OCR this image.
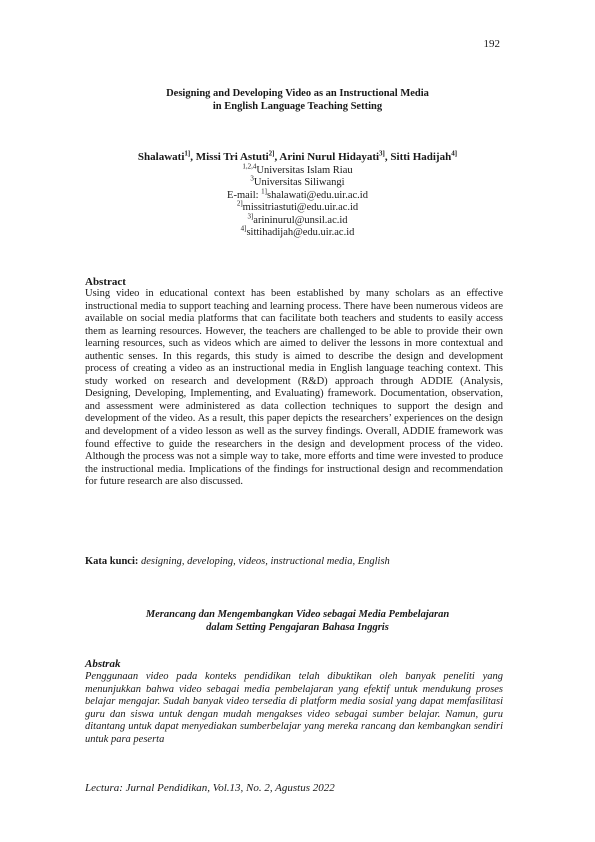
192
Designing and Developing Video as an Instructional Media
in English Language Teaching Setting
Shalawati$^{1]}$, Missi Tri Astuti$^{2]}$, Arini Nurul Hidayati$^{3]}$, Sitti Hadijah$^{4]}$
$^{1,2,4}$Universitas Islam Riau
$^3$Universitas Siliwangi
E-mail: $^{1]}$shalawati@edu.uir.ac.id
$^{2]}$missitriastuti@edu.uir.ac.id
$^{3]}$arininurul@unsil.ac.id
$^{4]}$sittihadijah@edu.uir.ac.id
Abstract
Using video in educational context has been established by many scholars as an effective instructional media to support teaching and learning process. There have been numerous videos are available on social media platforms that can facilitate both teachers and students to easily access them as learning resources. However, the teachers are challenged to be able to provide their own learning resources, such as videos which are aimed to deliver the lessons in more contextual and authentic senses. In this regards, this study is aimed to describe the design and development process of creating a video as an instructional media in English language teaching context. This study worked on research and development (R&D) approach through ADDIE (Analysis, Designing, Developing, Implementing, and Evaluating) framework. Documentation, observation, and assessment were administered as data collection techniques to support the design and development of the video. As a result, this paper depicts the researchers’ experiences on the design and development of a video lesson as well as the survey findings. Overall, ADDIE framework was found effective to guide the researchers in the design and development process of the video. Although the process was not a simple way to take, more efforts and time were invested to produce the instructional media. Implications of the findings for instructional design and recommendation for future research are also discussed.
Kata kunci: designing, developing, videos, instructional media, English
Merancang dan Mengembangkan Video sebagai Media Pembelajaran
dalam Setting Pengajaran Bahasa Inggris
Abstrak
Penggunaan video pada konteks pendidikan telah dibuktikan oleh banyak peneliti yang menunjukkan bahwa video sebagai media pembelajaran yang efektif untuk mendukung proses belajar mengajar. Sudah banyak video tersedia di platform media sosial yang dapat memfasilitasi guru dan siswa untuk dengan mudah mengakses video sebagai sumber belajar. Namun, guru ditantang untuk dapat menyediakan sumberbelajar yang mereka rancang dan kembangkan sendiri untuk para peserta
Lectura: Jurnal Pendidikan, Vol.13, No. 2, Agustus 2022
